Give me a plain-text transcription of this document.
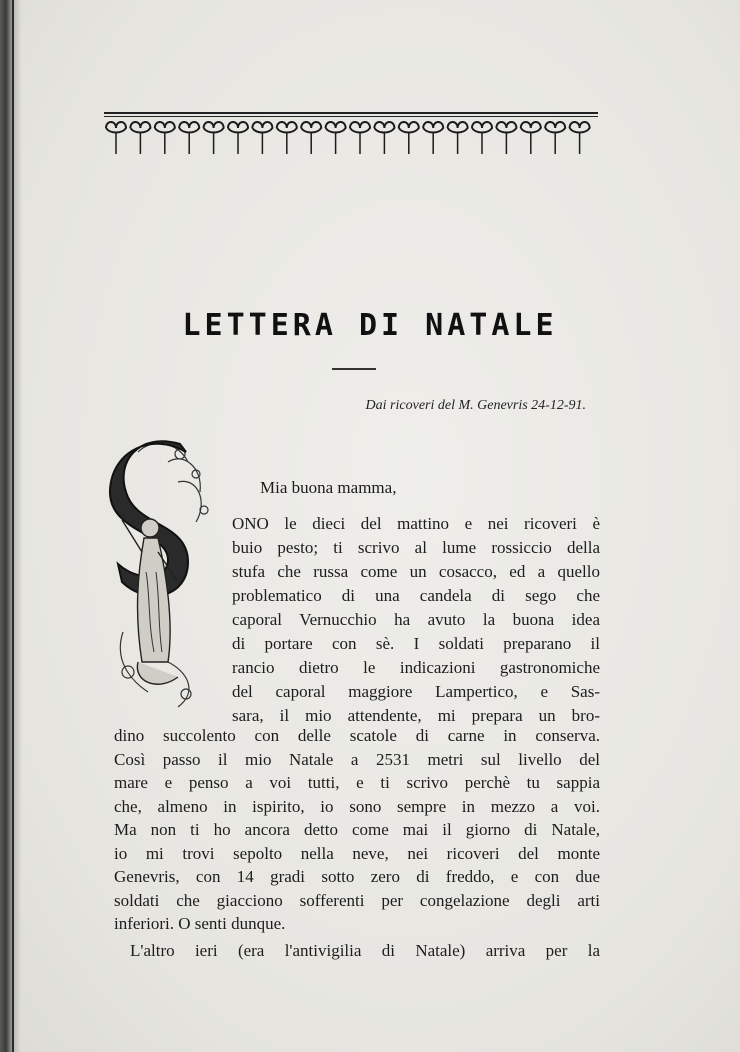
LETTERA DI NATALE
Dai ricoveri del M. Genevris 24-12-91.
Mia buona mamma,
ONO le dieci del mattino e nei ricoveri è
buio pesto; ti scrivo al lume rossiccio della
stufa che russa come un cosacco, ed a quello
problematico di una candela di sego che
caporal Vernucchio ha avuto la buona idea
di portare con sè. I soldati preparano il
rancio dietro le indicazioni gastronomiche
del caporal maggiore Lampertico, e Sas-
sara, il mio attendente, mi prepara un bro-
dino succolento con delle scatole di carne in conserva.
Così passo il mio Natale a 2531 metri sul livello del
mare e penso a voi tutti, e ti scrivo perchè tu sappia
che, almeno in ispirito, io sono sempre in mezzo a voi.
Ma non ti ho ancora detto come mai il giorno di Natale,
io mi trovi sepolto nella neve, nei ricoveri del monte
Genevris, con 14 gradi sotto zero di freddo, e con due
soldati che giacciono sofferenti per congelazione degli arti
inferiori. O senti dunque.
L'altro ieri (era l'antivigilia di Natale) arriva per la
